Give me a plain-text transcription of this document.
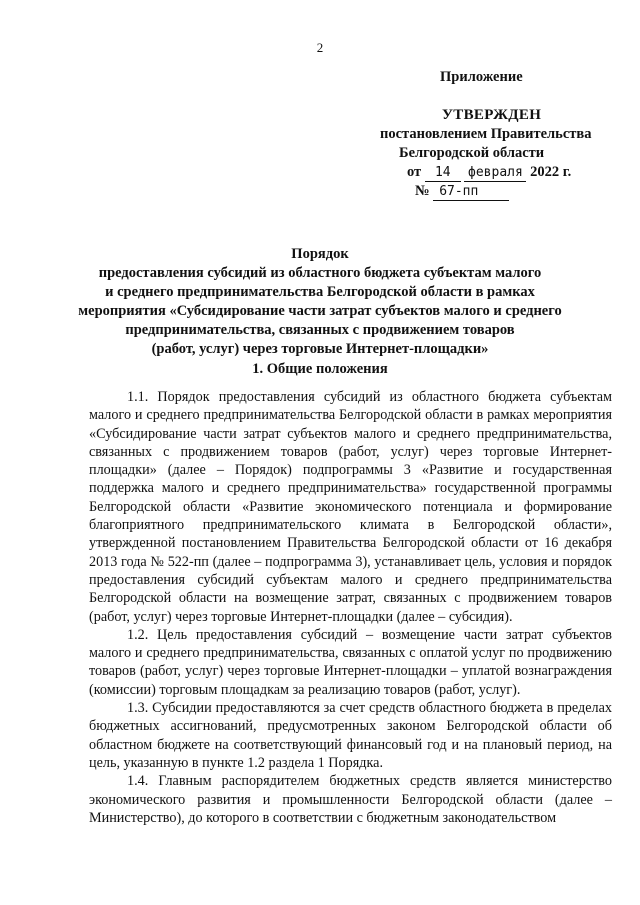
2
Приложение
УТВЕРЖДЕН
постановлением Правительства
Белгородской области
от 14 февраля 2022 г.
№ 67-пп
Порядок
предоставления субсидий из областного бюджета субъектам малого
и среднего предпринимательства Белгородской области в рамках
мероприятия «Субсидирование части затрат субъектов малого и среднего
предпринимательства, связанных с продвижением товаров
(работ, услуг) через торговые Интернет-площадки»
1. Общие положения

1.1. Порядок предоставления субсидий из областного бюджета субъектам малого и среднего предпринимательства Белгородской области в рамках мероприятия «Субсидирование части затрат субъектов малого и среднего предпринимательства, связанных с продвижением товаров (работ, услуг) через торговые Интернет-площадки» (далее – Порядок) подпрограммы 3 «Развитие и государственная поддержка малого и среднего предпринимательства» государственной программы Белгородской области «Развитие экономического потенциала и формирование благоприятного предпринимательского климата в Белгородской области», утвержденной постановлением Правительства Белгородской области от 16 декабря 2013 года № 522-пп (далее – подпрограмма 3), устанавливает цель, условия и порядок предоставления субсидий субъектам малого и среднего предпринимательства Белгородской области на возмещение затрат, связанных с продвижением товаров (работ, услуг) через торговые Интернет-площадки (далее – субсидия).

1.2. Цель предоставления субсидий – возмещение части затрат субъектов малого и среднего предпринимательства, связанных с оплатой услуг по продвижению товаров (работ, услуг) через торговые Интернет-площадки – уплатой вознаграждения (комиссии) торговым площадкам за реализацию товаров (работ, услуг).

1.3. Субсидии предоставляются за счет средств областного бюджета в пределах бюджетных ассигнований, предусмотренных законом Белгородской области об областном бюджете на соответствующий финансовый год и на плановый период, на цель, указанную в пункте 1.2 раздела 1 Порядка.

1.4. Главным распорядителем бюджетных средств является министерство экономического развития и промышленности Белгородской области (далее – Министерство), до которого в соответствии с бюджетным законодательством
